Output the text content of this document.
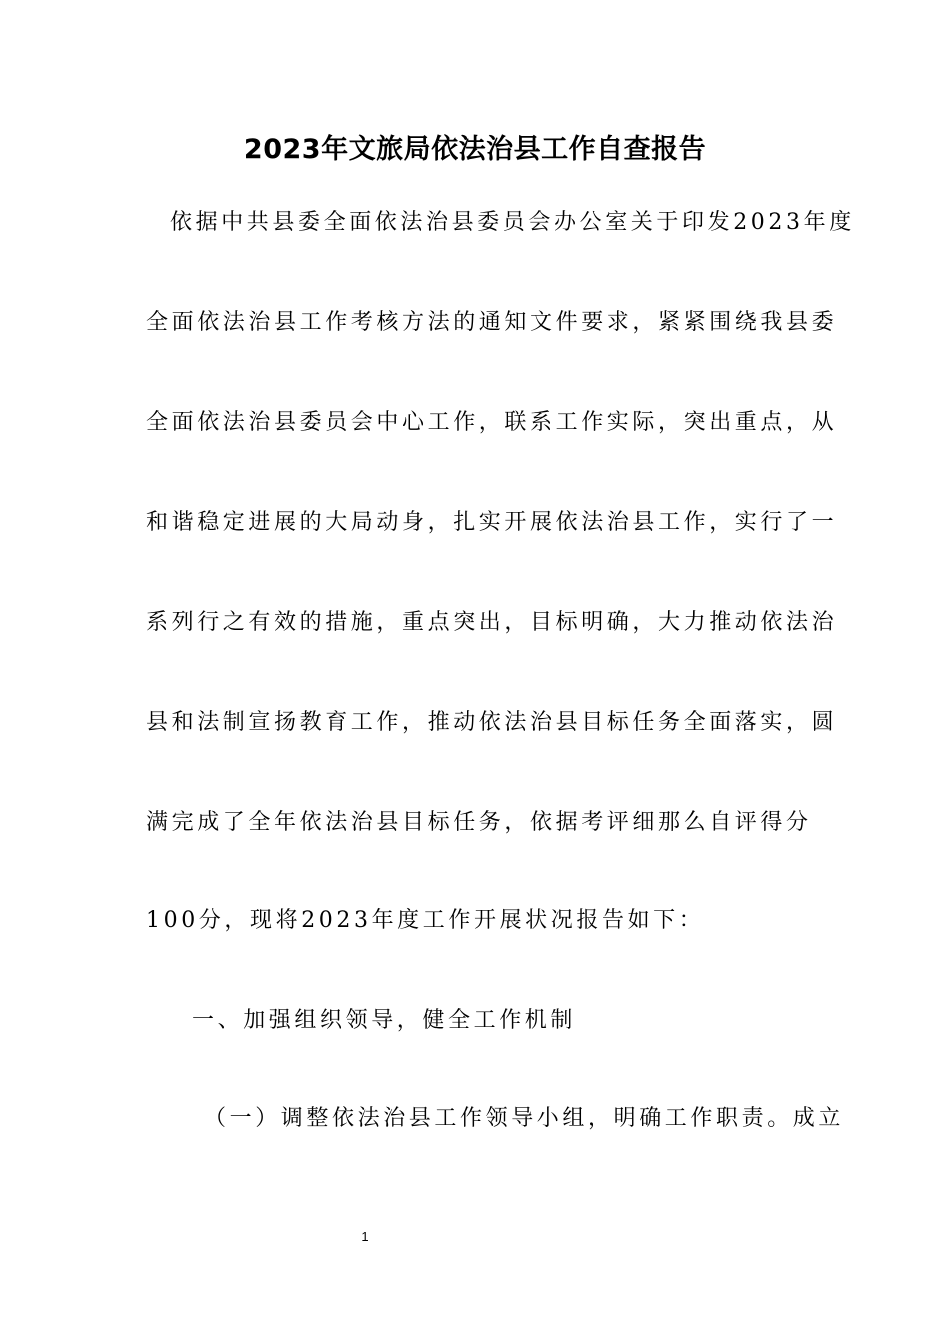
2023年文旅局依法治县工作自查报告
依据中共县委全面依法治县委员会办公室关于印发2023年度
全面依法治县工作考核方法的通知文件要求，紧紧围绕我县委
全面依法治县委员会中心工作，联系工作实际，突出重点，从
和谐稳定进展的大局动身，扎实开展依法治县工作，实行了一
系列行之有效的措施，重点突出，目标明确，大力推动依法治
县和法制宣扬教育工作，推动依法治县目标任务全面落实，圆
满完成了全年依法治县目标任务，依据考评细那么自评得分
100分，现将2023年度工作开展状况报告如下：
一、加强组织领导，健全工作机制
（一）调整依法治县工作领导小组，明确工作职责。成立
1
